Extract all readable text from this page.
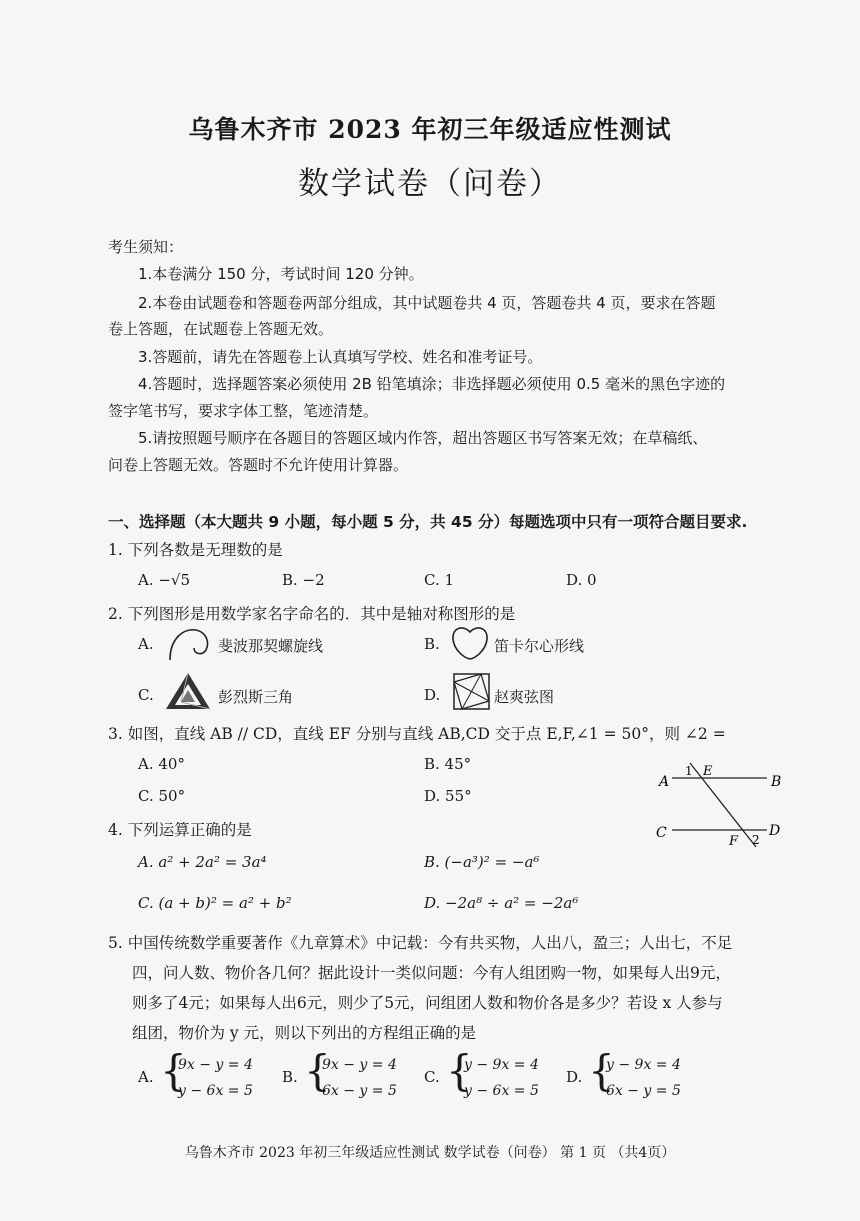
乌鲁木齐市 2023 年初三年级适应性测试
数学试卷（问卷）
考生须知：
1.本卷满分 150 分，考试时间 120 分钟。
2.本卷由试题卷和答题卷两部分组成，其中试题卷共 4 页，答题卷共 4 页，要求在答题
卷上答题，在试题卷上答题无效。
3.答题前，请先在答题卷上认真填写学校、姓名和准考证号。
4.答题时，选择题答案必须使用 2B 铅笔填涂；非选择题必须使用 0.5 毫米的黑色字迹的
签字笔书写，要求字体工整，笔迹清楚。
5.请按照题号顺序在各题目的答题区域内作答，超出答题区书写答案无效；在草稿纸、
问卷上答题无效。答题时不允许使用计算器。
一、选择题（本大题共 9 小题，每小题 5 分，共 45 分）每题选项中只有一项符合题目要求.
1. 下列各数是无理数的是
A. −√5	B. −2	C. 1	D. 0
2. 下列图形是用数学家名字命名的．其中是轴对称图形的是
A.	斐波那契螺旋线	B.	笛卡尔心形线
C.	彭烈斯三角	D.	赵爽弦图
3. 如图，直线 AB // CD，直线 EF 分别与直线 AB,CD 交于点 E,F,∠1 = 50°，则 ∠2 =
A. 40°	B. 45°
C. 50°	D. 55°
A	B
C	D
E
F
1
2
4. 下列运算正确的是
A. a² + 2a² = 3a⁴	B. (−a³)² = −a⁶
C. (a + b)² = a² + b²	D. −2a⁸ ÷ a² = −2a⁶
5. 中国传统数学重要著作《九章算术》中记载：今有共买物，人出八，盈三；人出七，不足
四，问人数、物价各几何？据此设计一类似问题：今有人组团购一物，如果每人出9元，
则多了4元；如果每人出6元，则少了5元，问组团人数和物价各是多少？若设 x 人参与
组团，物价为 y 元，则以下列出的方程组正确的是
A. {
9x − y = 4
y − 6x = 5
B. {
9x − y = 4
6x − y = 5
C. {
y − 9x = 4
y − 6x = 5
D. {
y − 9x = 4
6x − y = 5
乌鲁木齐市 2023 年初三年级适应性测试 数学试卷（问卷） 第 1 页 （共4页）
